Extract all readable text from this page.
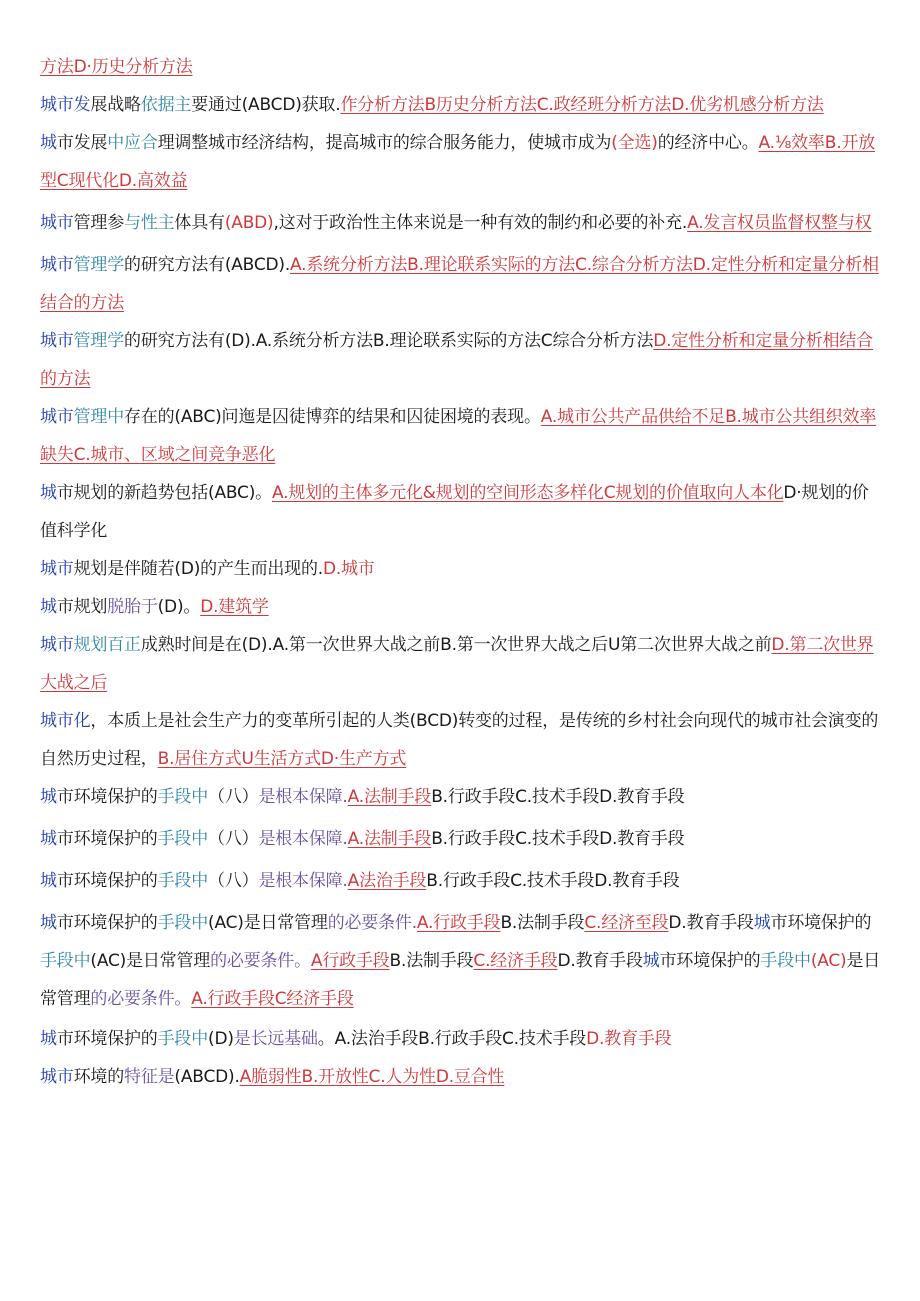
方法D·历史分析方法

城市发展战略依据主要通过(ABCD)获取.作分析方法B历史分析方法C.政经班分析方法D.优劣机感分析方法

城市发展中应合理调整城市经济结构，提高城市的综合服务能力，使城市成为(全选)的经济中心。A.⅛效率B.开放型C现代化D.高效益

城市管理参与性主体具有(ABD),这对于政治性主体来说是一种有效的制约和必要的补充.A.发言权员监督权整与权

城市管理学的研究方法有(ABCD).A.系统分析方法B.理论联系实际的方法C.综合分析方法D.定性分析和定量分析相结合的方法

城市管理学的研究方法有(D).A.系统分析方法B.理论联系实际的方法C综合分析方法D.定性分析和定量分析相结合的方法

城市管理中存在的(ABC)问迤是囚徒博弈的结果和囚徒困境的表现。A.城市公共产品供给不足B.城市公共组织效率缺失C.城市、区域之间竞争恶化

城市规划的新趋势包括(ABC)。A.规划的主体多元化&规划的空间形态多样化C规划的价值取向人本化D·规划的价值科学化

城市规划是伴随若(D)的产生而出现的.D.城市

城市规划脱胎于(D)。D.建筑学

城市规划百正成熟时间是在(D).A.第一次世界大战之前B.第一次世界大战之后U第二次世界大战之前D.第二次世界大战之后

城市化，本质上是社会生产力的变革所引起的人类(BCD)转变的过程，是传统的乡村社会向现代的城市社会演变的自然历史过程，B.居住方式U生活方式D·生产方式

城市环境保护的手段中（八）是根本保障.A.法制手段B.行政手段C.技术手段D.教育手段

城市环境保护的手段中（八）是根本保障.A.法制手段B.行政手段C.技术手段D.教育手段

城市环境保护的手段中（八）是根本保障.A法治手段B.行政手段C.技术手段D.教育手段

城市环境保护的手段中(AC)是日常管理的必要条件.A.行政手段B.法制手段C.经济至段D.教育手段城市环境保护的手段中(AC)是日常管理的必要条件。A行政手段B.法制手段C.经济手段D.教育手段城市环境保护的手段中(AC)是日常管理的必要条件。A.行政手段C经济手段

城市环境保护的手段中(D)是长远基础。A.法治手段B.行政手段C.技术手段D.教育手段

城市环境的特征是(ABCD).A脆弱性B.开放性C.人为性D.豆合性
